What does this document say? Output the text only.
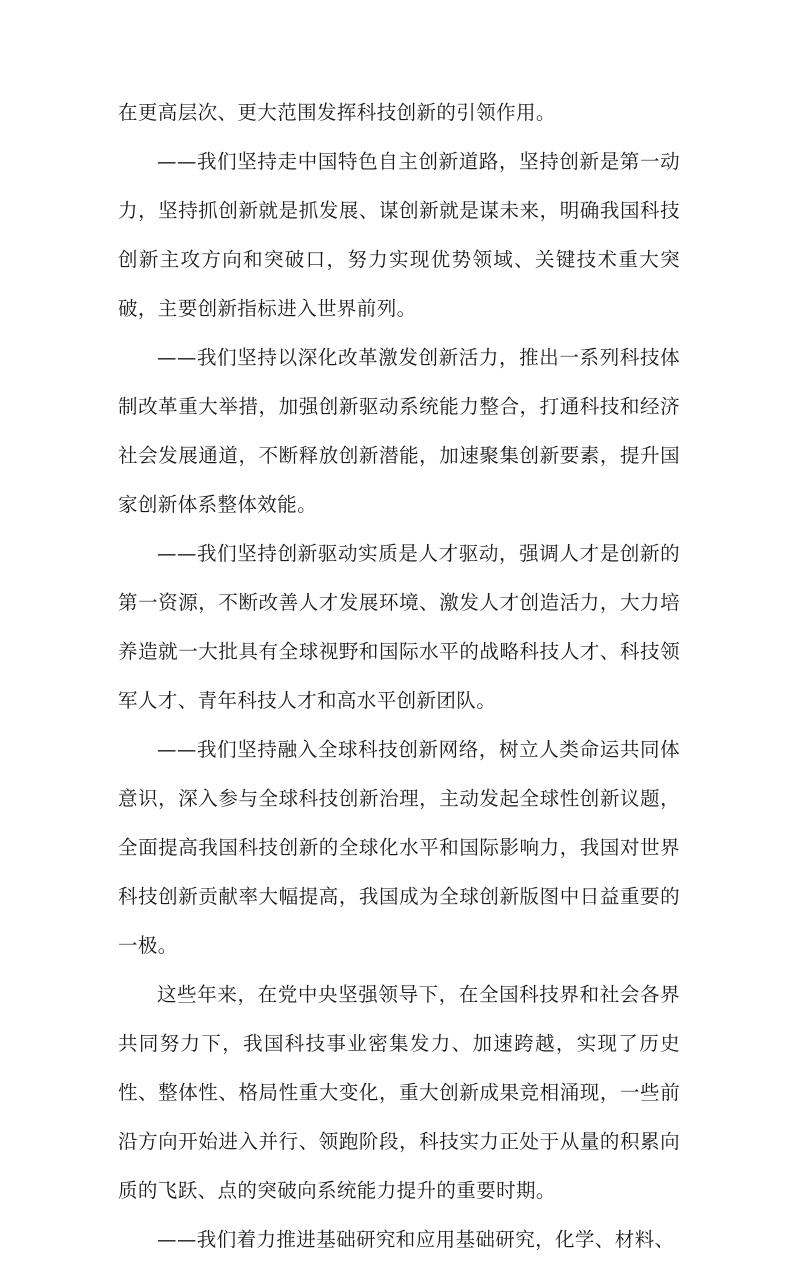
在更高层次、更大范围发挥科技创新的引领作用。

——我们坚持走中国特色自主创新道路，坚持创新是第一动力，坚持抓创新就是抓发展、谋创新就是谋未来，明确我国科技创新主攻方向和突破口，努力实现优势领域、关键技术重大突破，主要创新指标进入世界前列。

——我们坚持以深化改革激发创新活力，推出一系列科技体制改革重大举措，加强创新驱动系统能力整合，打通科技和经济社会发展通道，不断释放创新潜能，加速聚集创新要素，提升国家创新体系整体效能。

——我们坚持创新驱动实质是人才驱动，强调人才是创新的第一资源，不断改善人才发展环境、激发人才创造活力，大力培养造就一大批具有全球视野和国际水平的战略科技人才、科技领军人才、青年科技人才和高水平创新团队。

——我们坚持融入全球科技创新网络，树立人类命运共同体意识，深入参与全球科技创新治理，主动发起全球性创新议题，全面提高我国科技创新的全球化水平和国际影响力，我国对世界科技创新贡献率大幅提高，我国成为全球创新版图中日益重要的一极。

这些年来，在党中央坚强领导下，在全国科技界和社会各界共同努力下，我国科技事业密集发力、加速跨越，实现了历史性、整体性、格局性重大变化，重大创新成果竞相涌现，一些前沿方向开始进入并行、领跑阶段，科技实力正处于从量的积累向质的飞跃、点的突破向系统能力提升的重要时期。

——我们着力推进基础研究和应用基础研究，化学、材料、
